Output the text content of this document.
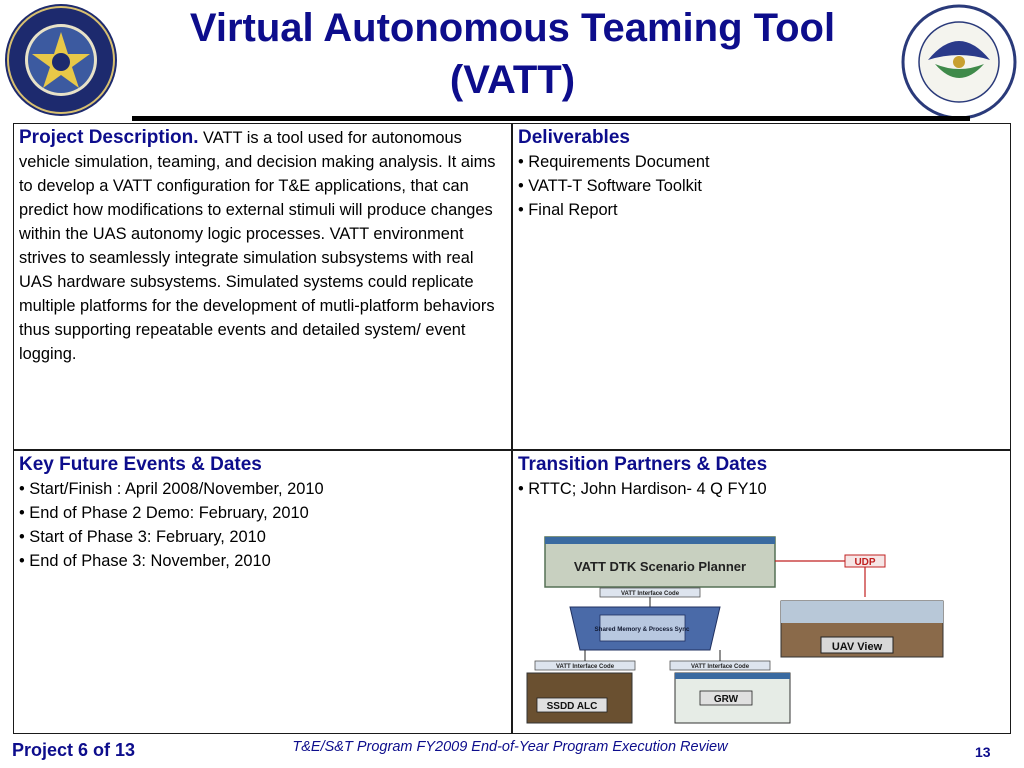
Virtual Autonomous Teaming Tool
(VATT)
Project Description. VATT is a tool used for autonomous vehicle simulation, teaming, and decision making analysis. It aims to develop a VATT configuration for T&E applications, that can predict how modifications to external stimuli will produce changes within the UAS autonomy logic processes. VATT environment strives to seamlessly integrate simulation subsystems with real UAS hardware subsystems. Simulated systems could replicate multiple platforms for the development of mutli-platform behaviors thus supporting repeatable events and detailed system/ event logging.
Deliverables
• Requirements Document
• VATT-T Software Toolkit
• Final Report
Key Future Events & Dates
• Start/Finish : April 2008/November, 2010
• End of Phase 2 Demo: February, 2010
• Start of Phase 3: February, 2010
• End of Phase 3: November, 2010
Transition Partners & Dates
• RTTC; John Hardison- 4 Q FY10
VATT DTK Scenario Planner	UDP
VATT Interface Code
Shared Memory & Process Sync
UAV View
VATT Interface Code	VATT Interface Code
SSDD ALC
GRW
Project 6 of 13	T&E/S&T Program FY2009 End-of-Year Program Execution Review	13
